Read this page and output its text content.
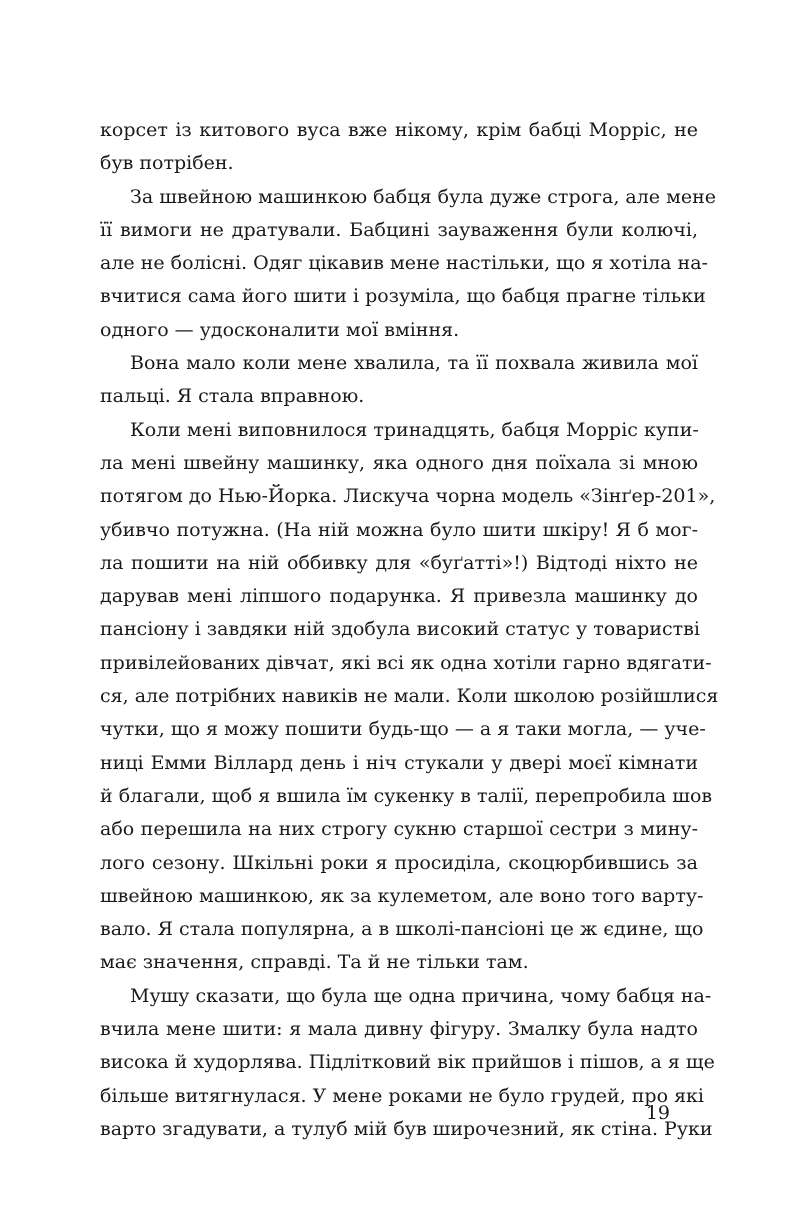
корсет із китового вуса вже нікому, крім бабці Морріс, не
був потрібен.
За швейною машинкою бабця була дуже строга, але мене
її вимоги не дратували. Бабцині зауваження були колючі,
але не болісні. Одяг цікавив мене настільки, що я хотіла на-
вчитися сама його шити і розуміла, що бабця прагне тільки
одного — удосконалити мої вміння.
Вона мало коли мене хвалила, та її похвала живила мої
пальці. Я стала вправною.
Коли мені виповнилося тринадцять, бабця Морріс купи-
ла мені швейну машинку, яка одного дня поїхала зі мною
потягом до Нью-Йорка. Лискуча чорна модель «Зінґер-201»,
убивчо потужна. (На ній можна було шити шкіру! Я б мог-
ла пошити на ній оббивку для «буґатті»!) Відтоді ніхто не
дарував мені ліпшого подарунка. Я привезла машинку до
пансіону і завдяки ній здобула високий статус у товаристві
привілейованих дівчат, які всі як одна хотіли гарно вдягати-
ся, але потрібних навиків не мали. Коли школою розійшлися
чутки, що я можу пошити будь-що — а я таки могла, — уче-
ниці Емми Віллард день і ніч стукали у двері моєї кімнати
й благали, щоб я вшила їм сукенку в талії, перепробила шов
або перешила на них строгу сукню старшої сестри з мину-
лого сезону. Шкільні роки я просиділа, скоцюрбившись за
швейною машинкою, як за кулеметом, але воно того варту-
вало. Я стала популярна, а в школі-пансіоні це ж єдине, що
має значення, справді. Та й не тільки там.
Мушу сказати, що була ще одна причина, чому бабця на-
вчила мене шити: я мала дивну фігуру. Змалку була надто
висока й худорлява. Підлітковий вік прийшов і пішов, а я ще
більше витягнулася. У мене роками не було грудей, про які
варто згадувати, а тулуб мій був широчезний, як стіна. Руки
19
